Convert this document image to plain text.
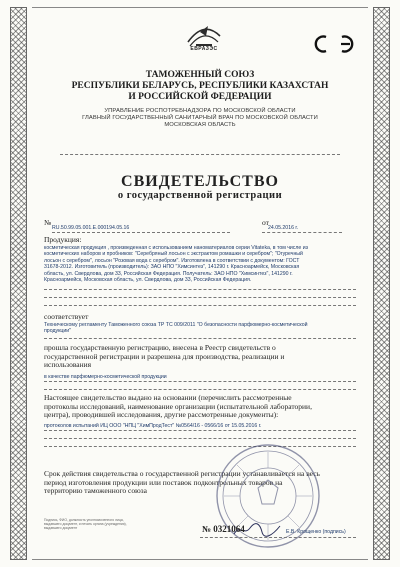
ЕВРАЗЭС

ТАМОЖЕННЫЙ СОЮЗ

РЕСПУБЛИКИ БЕЛАРУСЬ, РЕСПУБЛИКИ КАЗАХСТАН

И РОССИЙСКОЙ ФЕДЕРАЦИИ

УПРАВЛЕНИЕ РОСПОТРЕБНАДЗОРА ПО МОСКОВСКОЙ ОБЛАСТИ

ГЛАВНЫЙ ГОСУДАРСТВЕННЫЙ САНИТАРНЫЙ ВРАЧ ПО МОСКОВСКОЙ ОБЛАСТИ

МОСКОВСКАЯ ОБЛАСТЬ

СВИДЕТЕЛЬСТВО
о государственной регистрации
№
RU.50.99.05.001.Е.000194.05.16
от
24.05.2016 г.
Продукция:
косметическая продукция , произведенная с использованием наноматериалов серии Vitateka, в том числе из
косметических наборов и пробников: "Сeребряный лосьон с экстрактом ромашки и серебром"; "Огуречный
лосьон с серебром", лосьон "Розовая вода с серебром". Изготовлена в соответствии с документом: ГОСТ
31678-2012. Изготовитель (производитель): ЗАО НПО "Химсинтез", 141290 г. Красноармейск, Московская
область, ул. Свердлова, дом 33, Российская Федерация. Получатель: ЗАО НПО "Химсинтез", 141290 г.
Красноармейск, Московская область, ул. Свердлова, дом 33, Российская Федерация.
соответствует
Техническому регламенту Таможенного союза ТР ТС 009/2011 "О безопасности парфюмерно-косметической
продукции"
прошла государственную регистрацию, внесена в Реестр свидетельств о
государственной регистрации и разрешена для производства, реализации и
использования
в качестве парфюмерно-косметической продукции
Настоящее свидетельство выдано на основании (перечислить рассмотренные
протоколы исследований, наименование организации (испытательной лаборатории,
центра), проводившей исследования, другие рассмотренные документы):
протоколов испытаний ИЦ ООО "НПЦ "ХимПродТест" №0564/16 - 0566/16 от 15.05.2016 г.
Срок действия свидетельства о государственной регистрации устанавливается на весь
период изготовления продукции или поставок подконтрольных товаров на
территорию таможенного союза
Подпись, ФИО, должность уполномоченного лица,
выдавшего документ, и печать органа (учреждения),
выдавшего документ
Е.В. Крощенко (подпись)
№ 0321064
